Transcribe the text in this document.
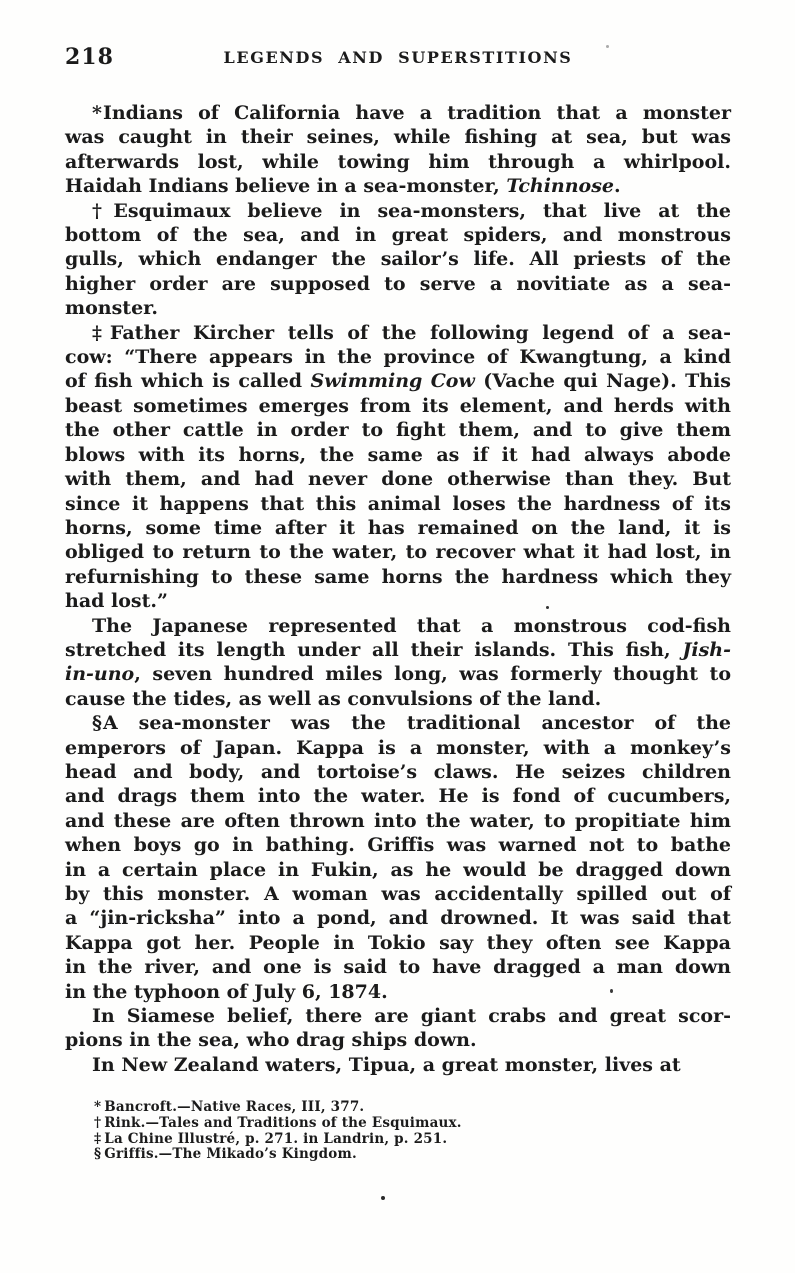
218	LEGENDS AND SUPERSTITIONS
*Indians of California have a tradition that a monster
was caught in their seines, while fishing at sea, but was
afterwards lost, while towing him through a whirlpool.
Haidah Indians believe in a sea-monster, Tchinnose.
†Esquimaux believe in sea-monsters, that live at the
bottom of the sea, and in great spiders, and monstrous
gulls, which endanger the sailor’s life. All priests of the
higher order are supposed to serve a novitiate as a sea-
monster.
‡Father Kircher tells of the following legend of a sea-
cow: “There appears in the province of Kwangtung, a kind
of fish which is called Swimming Cow (Vache qui Nage). This
beast sometimes emerges from its element, and herds with
the other cattle in order to fight them, and to give them
blows with its horns, the same as if it had always abode
with them, and had never done otherwise than they. But
since it happens that this animal loses the hardness of its
horns, some time after it has remained on the land, it is
obliged to return to the water, to recover what it had lost, in
refurnishing to these same horns the hardness which they
had lost.”
The Japanese represented that a monstrous cod-fish
stretched its length under all their islands. This fish, Jish-
in-uno, seven hundred miles long, was formerly thought to
cause the tides, as well as convulsions of the land.
§A sea-monster was the traditional ancestor of the
emperors of Japan. Kappa is a monster, with a monkey’s
head and body, and tortoise’s claws. He seizes children
and drags them into the water. He is fond of cucumbers,
and these are often thrown into the water, to propitiate him
when boys go in bathing. Griffis was warned not to bathe
in a certain place in Fukin, as he would be dragged down
by this monster. A woman was accidentally spilled out of
a “jin-ricksha” into a pond, and drowned. It was said that
Kappa got her. People in Tokio say they often see Kappa
in the river, and one is said to have dragged a man down
in the typhoon of July 6, 1874.
In Siamese belief, there are giant crabs and great scor-
pions in the sea, who drag ships down.
In New Zealand waters, Tipua, a great monster, lives at
* Bancroft.—Native Races, III, 377.
† Rink.—Tales and Traditions of the Esquimaux.
‡ La Chine Illustré, p. 271. in Landrin, p. 251.
§ Griffis.—The Mikado’s Kingdom.
